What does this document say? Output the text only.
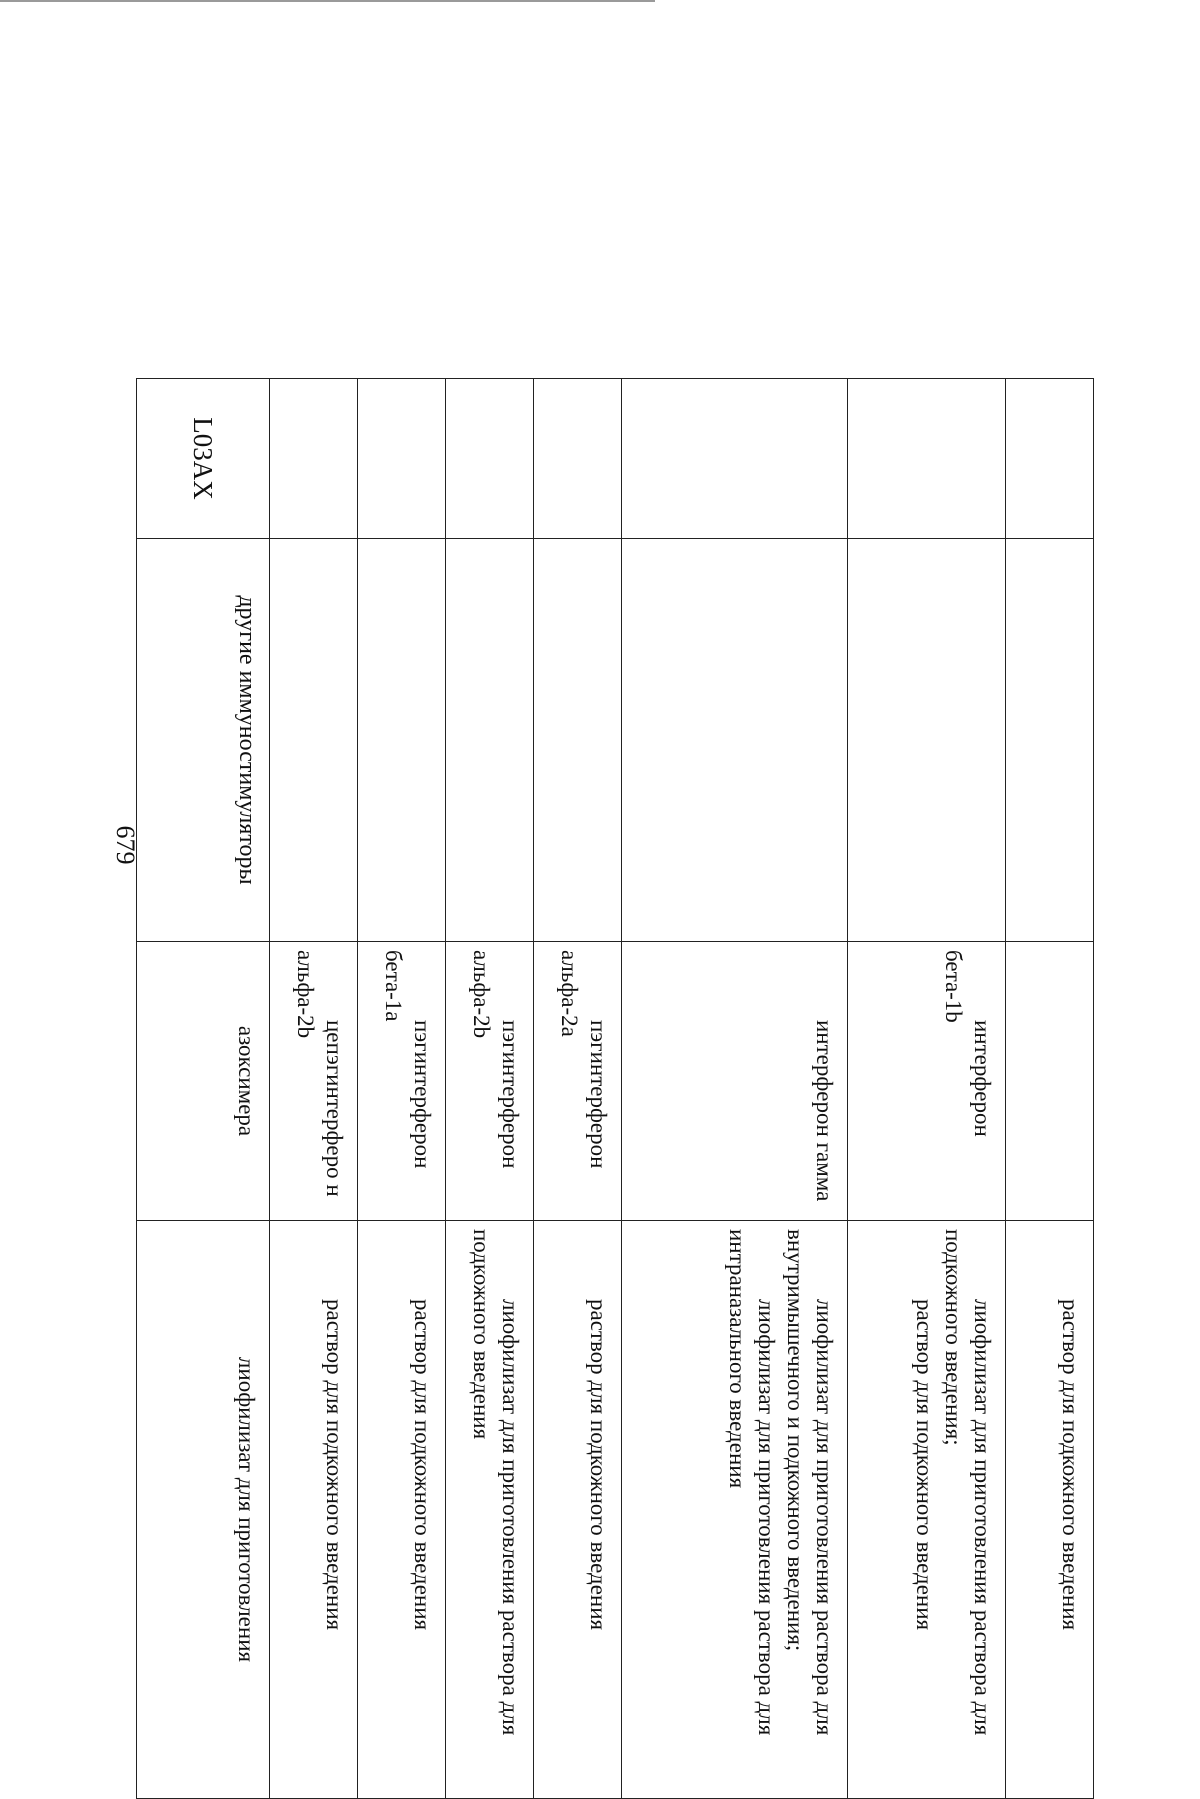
679

			раствор для подкожного введения

		интерферон бета-1b	лиофилизат для приготовления раствора для подкожного введения;
раствор для подкожного введения

		интерферон гамма	лиофилизат для приготовления раствора для внутримышечного и подкожного введения;
лиофилизат для приготовления раствора для интраназального введения

		пэгинтерферон альфа-2a	раствор для подкожного введения

		пэгинтерферон альфа-2b	лиофилизат для приготовления раствора для подкожного введения

		пэгинтерферон бета-1a	раствор для подкожного введения

		цепэгинтерферо н альфа-2b	раствор для подкожного введения

L03AX	другие иммуностимуляторы	азоксимера	лиофилизат для приготовления
